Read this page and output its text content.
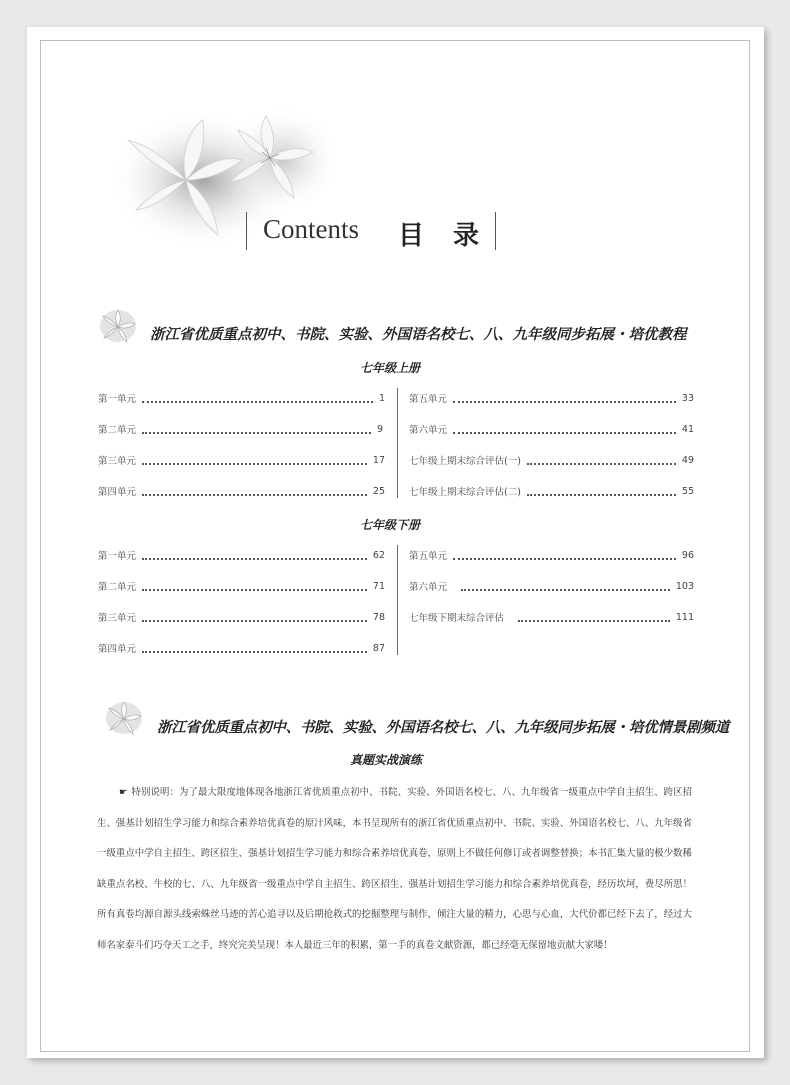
Contents 目 录
浙江省优质重点初中、书院、实验、外国语名校七、八、九年级同步拓展・培优教程
七年级上册
第一单元	1
第二单元	9
第三单元	17
第四单元	25
第五单元	33
第六单元	41
七年级上期末综合评估(一)	49
七年级上期末综合评估(二)	55
七年级下册
第一单元	62
第二单元	71
第三单元	78
第四单元	87
第五单元	96
第六单元	103
七年级下期末综合评估	111
浙江省优质重点初中、书院、实验、外国语名校七、八、九年级同步拓展・培优情景剧频道
真题实战演练
☛ 特别说明：为了最大限度地体现各地浙江省优质重点初中、书院、实验、外国语名校七、八、九年级省一级重点中学自主招生、跨区招生、强基计划招生学习能力和综合素养培优真卷的原汁风味，本书呈现所有的浙江省优质重点初中、书院、实验、外国语名校七、八、九年级省一级重点中学自主招生、跨区招生、强基计划招生学习能力和综合素养培优真卷，原则上不做任何修订或者调整替换；本书汇集大量的极少数稀缺重点名校、牛校的七、八、九年级省一级重点中学自主招生、跨区招生、强基计划招生学习能力和综合素养培优真卷，经历坎坷，费尽所思！所有真卷均源自源头线索蛛丝马迹的苦心追寻以及后期抢救式的挖掘整理与制作，倾注大量的精力，心思与心血，大代价都已经下去了，经过大师名家泰斗们巧夺天工之手，终究完美呈现！本人最近三年的积累，第一手的真卷文献资源，都已经毫无保留地贡献大家喽！
